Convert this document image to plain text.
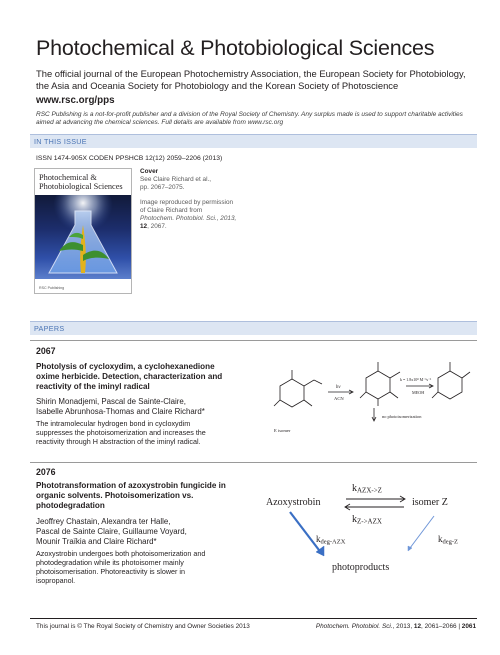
Photochemical & Photobiological Sciences
The official journal of the European Photochemistry Association, the European Society for Photobiology, the Asia and Oceania Society for Photobiology and the Korean Society of Photoscience
www.rsc.org/pps
RSC Publishing is a not-for-profit publisher and a division of the Royal Society of Chemistry. Any surplus made is used to support charitable activities aimed at advancing the chemical sciences. Full details are available from www.rsc.org
IN THIS ISSUE
ISSN 1474-905X CODEN PPSHCB 12(12) 2059–2206 (2013)
Photochemical &
Photobiological Sciences
RSC Publishing
Cover
See Claire Richard et al.,
pp. 2067–2075.
Image reproduced by permission
of Claire Richard from
Photochem. Photobiol. Sci., 2013,
12, 2067.
PAPERS
2067
Photolysis of cycloxydim, a cyclohexanedione
oxime herbicide. Detection, characterization and
reactivity of the iminyl radical
Shirin Monadjemi, Pascal de Sainte-Claire,
Isabelle Abrunhosa-Thomas and Claire Richard*
The intramolecular hydrogen bond in cycloxydim
suppresses the photoisomerization and increases the
reactivity through H abstraction of the iminyl radical.
E isomer
hν
ACN
no photoisomerization
k = 1.8x10⁸ M⁻¹s⁻¹
MEOH
2076
Phototransformation of azoxystrobin fungicide in
organic solvents. Photoisomerization vs.
photodegradation
Jeoffrey Chastain, Alexandra ter Halle,
Pascal de Sainte Claire, Guillaume Voyard,
Mounir Traïkia and Claire Richard*
Azoxystrobin undergoes both photoisomerization and
photodegradation while its photoisomer mainly
photoisomerisation. Photoreactivity is slower in
isopropanol.
Azoxystrobin	isomer Z
kAZX->Z
kZ->AZX
kdeg-AZX	kdeg-Z
photoproducts
This journal is © The Royal Society of Chemistry and Owner Societies 2013	Photochem. Photobiol. Sci., 2013, 12, 2061–2066 | 2061
